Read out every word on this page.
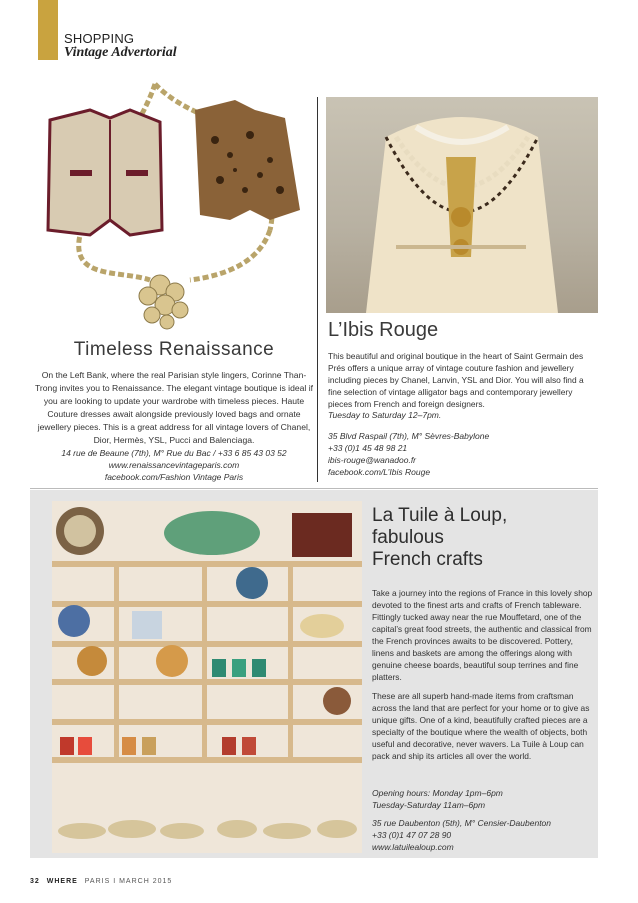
SHOPPING
Vintage Advertorial
Timeless Renaissance

On the Left Bank, where the real Parisian style lingers, Corinne Than-Trong invites you to Renaissance. The elegant vintage boutique is ideal if you are looking to update your wardrobe with timeless pieces. Haute Couture dresses await alongside previously loved bags and ornate jewellery pieces. This is a great address for all vintage lovers of Chanel, Dior, Hermès, YSL, Pucci and Balenciaga.

14 rue de Beaune (7th), M° Rue du Bac / +33 6 85 43 03 52
www.renaissancevintageparis.com
facebook.com/Fashion Vintage Paris
L’Ibis Rouge

This beautiful and original boutique in the heart of Saint Germain des Prés offers a unique array of vintage couture fashion and jewellery including pieces by Chanel, Lanvin, YSL and Dior. You will also find a fine selection of vintage alligator bags and contemporary jewellery pieces from French and foreign designers.

Tuesday to Saturday 12–7pm.
35 Blvd Raspail (7th), M° Sèvres-Babylone
+33 (0)1 45 48 98 21
ibis-rouge@wanadoo.fr
facebook.com/L’Ibis Rouge
La Tuile à Loup,
fabulous
French crafts

Take a journey into the regions of France in this lovely shop devoted to the finest arts and crafts of French tableware. Fittingly tucked away near the rue Mouffetard, one of the capital’s great food streets, the authentic and classical from the French provinces awaits to be discovered. Pottery, linens and baskets are among the offerings along with genuine cheese boards, beautiful soup terrines and fine platters.

These are all superb hand-made items from craftsman across the land that are perfect for your home or to give as unique gifts. One of a kind, beautifully crafted pieces are a specialty of the boutique where the wealth of objects, both useful and decorative, never wavers. La Tuile à Loup can pack and ship its articles all over the world.

Opening hours: Monday 1pm–6pm
Tuesday-Saturday 11am–6pm
35 rue Daubenton (5th), M° Censier-Daubenton
+33 (0)1 47 07 28 90
www.latuilealoup.com
32 WHERE PARIS I MARCH 2015
